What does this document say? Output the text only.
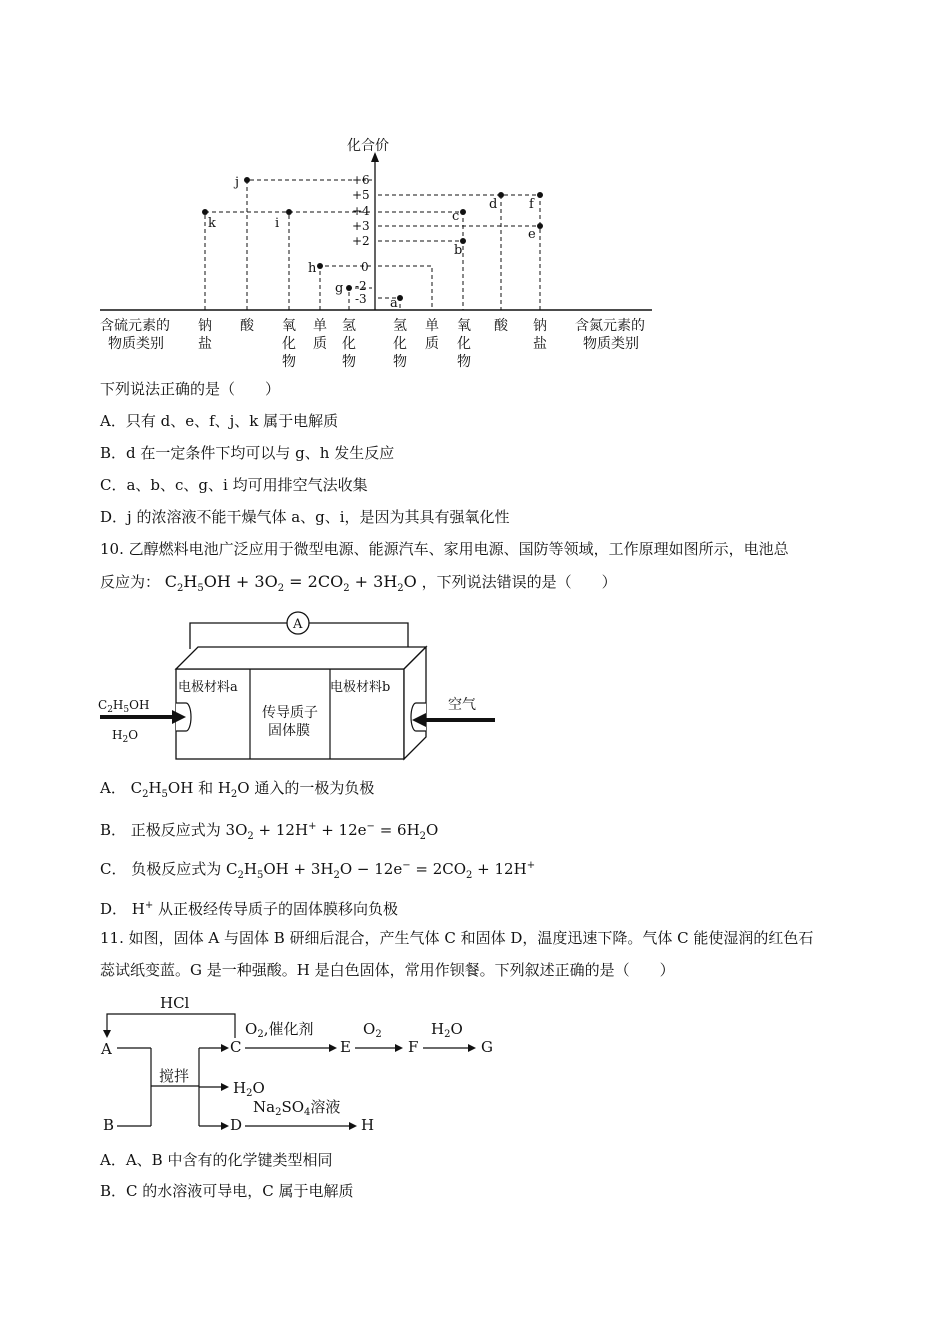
化合价
+6
+5
+4
+3
+2
0
-2
-3
k
j
i
h
g
a
c
b
d f
e
含硫元素的
物质类别
含氮元素的
物质类别
钠
盐
酸 氧
化
物
单
质
氢
化
物
氢
化
物
单
质
氧
化
物
酸 钠
盐
下列说法正确的是（　　）
A．只有 d、e、f、j、k 属于电解质
B．d 在一定条件下均可以与 g、h 发生反应
C．a、b、c、g、i 均可用排空气法收集
D．j 的浓溶液不能干燥气体 a、g、i，是因为其具有强氧化性
10. 乙醇燃料电池广泛应用于微型电源、能源汽车、家用电源、国防等领域，工作原理如图所示，电池总
反应为： $C_2H_5OH + 3O_2 = 2CO_2 + 3H_2O$ ，下列说法错误的是（　　）
A
电极材料a	电极材料b
传导质子
固体膜
$C_2H_5OH$
$H_2O$
空气
A． $C_2H_5OH$ 和 $H_2O$ 通入的一极为负极
B． 正极反应式为 $3O_2 + 12H^+ + 12e^- = 6H_2O$
C． 负极反应式为 $C_2H_5OH + 3H_2O - 12e^- = 2CO_2 + 12H^+$
D． H+ 从正极经传导质子的固体膜移向负极
11. 如图，固体 A 与固体 B 研细后混合，产生气体 C 和固体 D，温度迅速下降。气体 C 能使湿润的红色石
蕊试纸变蓝。G 是一种强酸。H 是白色固体，常用作钡餐。下列叙述正确的是（　　）
A
B
C
D
E	F	G
H
HCl
搅拌
$H_2O$
$O_2$,催化剂	$O_2$	$H_2O$
$Na_2SO_4$溶液
A．A、B 中含有的化学键类型相同
B．C 的水溶液可导电，C 属于电解质
